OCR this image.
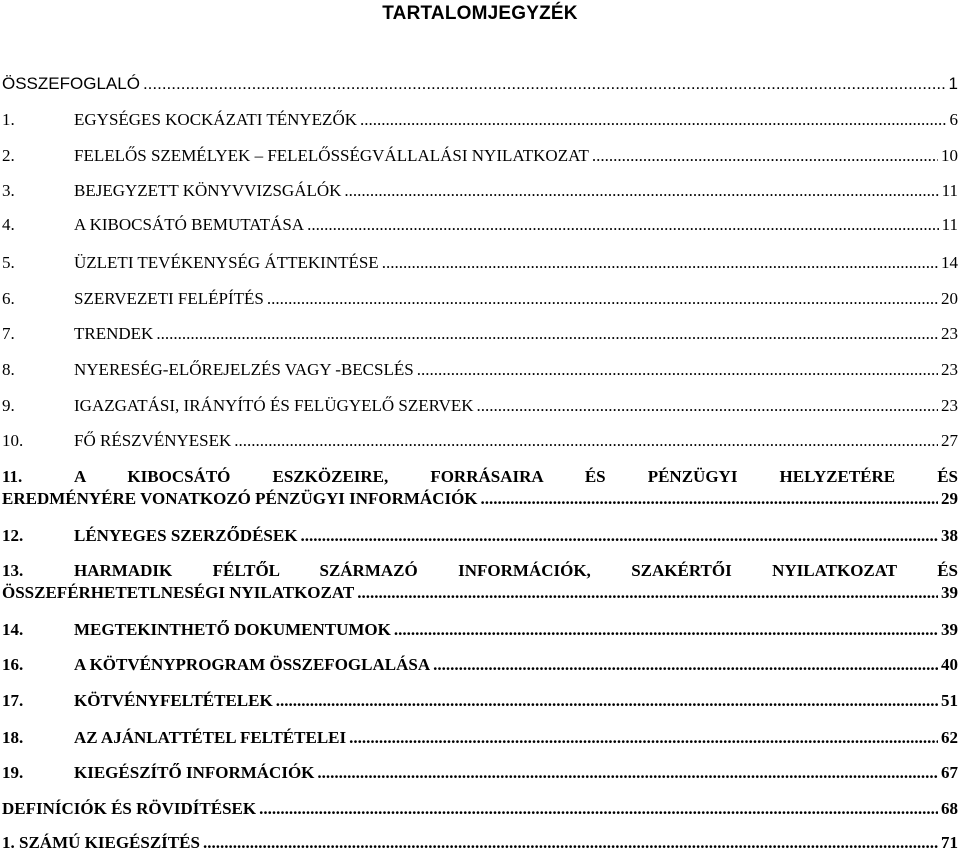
TARTALOMJEGYZÉK
ÖSSZEFOGLALÓ .....	1
1.	EGYSÉGES KOCKÁZATI TÉNYEZŐK .....	6
2.	FELELŐS SZEMÉLYEK – FELELŐSSÉGVÁLLALÁSI NYILATKOZAT .....	10
3.	BEJEGYZETT KÖNYVVIZSGÁLÓK .....	11
4.	A KIBOCSÁTÓ BEMUTATÁSA .....	11
5.	ÜZLETI TEVÉKENYSÉG ÁTTEKINTÉSE .....	14
6.	SZERVEZETI FELÉPÍTÉS .....	20
7.	TRENDEK .....	23
8.	NYERESÉG-ELŐREJELZÉS VAGY -BECSLÉS .....	23
9.	IGAZGATÁSI, IRÁNYÍTÓ ÉS FELÜGYELŐ SZERVEK .....	23
10.	FŐ RÉSZVÉNYESEK .....	27
11.	A KIBOCSÁTÓ ESZKÖZEIRE, FORRÁSAIRA ÉS PÉNZÜGYI HELYZETÉRE ÉS
EREDMÉNYÉRE VONATKOZÓ PÉNZÜGYI INFORMÁCIÓK .....	29
12.	LÉNYEGES SZERZŐDÉSEK .....	38
13.	HARMADIK FÉLTŐL SZÁRMAZÓ INFORMÁCIÓK, SZAKÉRTŐI NYILATKOZAT ÉS
ÖSSZEFÉRHETETLNESÉGI NYILATKOZAT .....	39
14.	MEGTEKINTHETŐ DOKUMENTUMOK .....	39
16.	A KÖTVÉNYPROGRAM ÖSSZEFOGLALÁSA .....	40
17.	KÖTVÉNYFELTÉTELEK .....	51
18.	AZ AJÁNLATTÉTEL FELTÉTELEI .....	62
19.	KIEGÉSZÍTŐ INFORMÁCIÓK .....	67
DEFINÍCIÓK ÉS RÖVIDÍTÉSEK .....	68
1. SZÁMÚ KIEGÉSZÍTÉS .....	71
